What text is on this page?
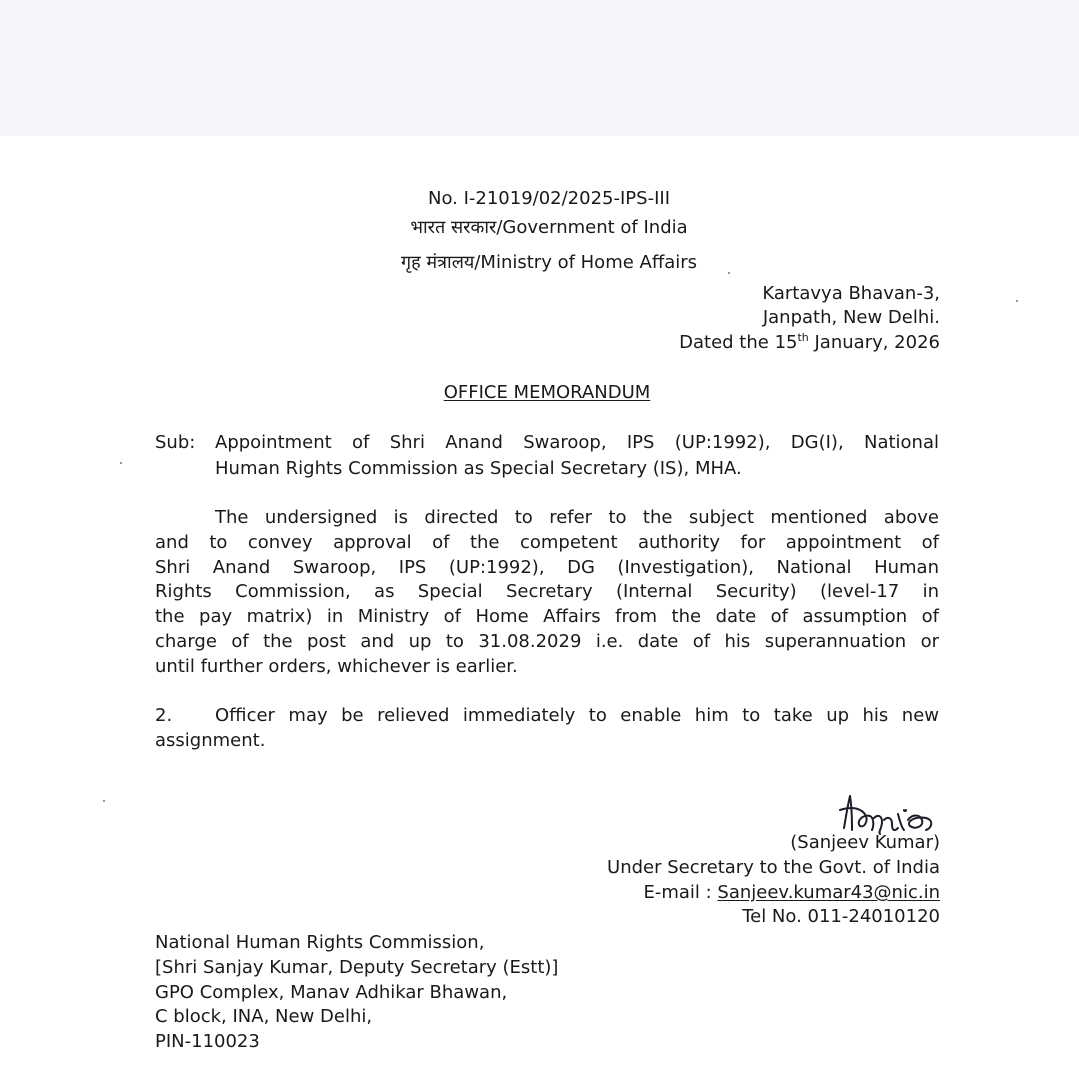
No. I-21019/02/2025-IPS-III
भारत सरकार/Government of India
गृह मंत्रालय/Ministry of Home Affairs
Kartavya Bhavan-3,
Janpath, New Delhi.
Dated the 15th January, 2026
OFFICE MEMORANDUM
Sub: Appointment of Shri Anand Swaroop, IPS (UP:1992), DG(I), National
Human Rights Commission as Special Secretary (IS), MHA.
The undersigned is directed to refer to the subject mentioned above
and to convey approval of the competent authority for appointment of
Shri Anand Swaroop, IPS (UP:1992), DG (Investigation), National Human
Rights Commission, as Special Secretary (Internal Security) (level-17 in
the pay matrix) in Ministry of Home Affairs from the date of assumption of
charge of the post and up to 31.08.2029 i.e. date of his superannuation or
until further orders, whichever is earlier.
2. Officer may be relieved immediately to enable him to take up his new
assignment.
(Sanjeev Kumar)
Under Secretary to the Govt. of India
E-mail : Sanjeev.kumar43@nic.in
Tel No. 011-24010120
National Human Rights Commission,
[Shri Sanjay Kumar, Deputy Secretary (Estt)]
GPO Complex, Manav Adhikar Bhawan,
C block, INA, New Delhi,
PIN-110023
